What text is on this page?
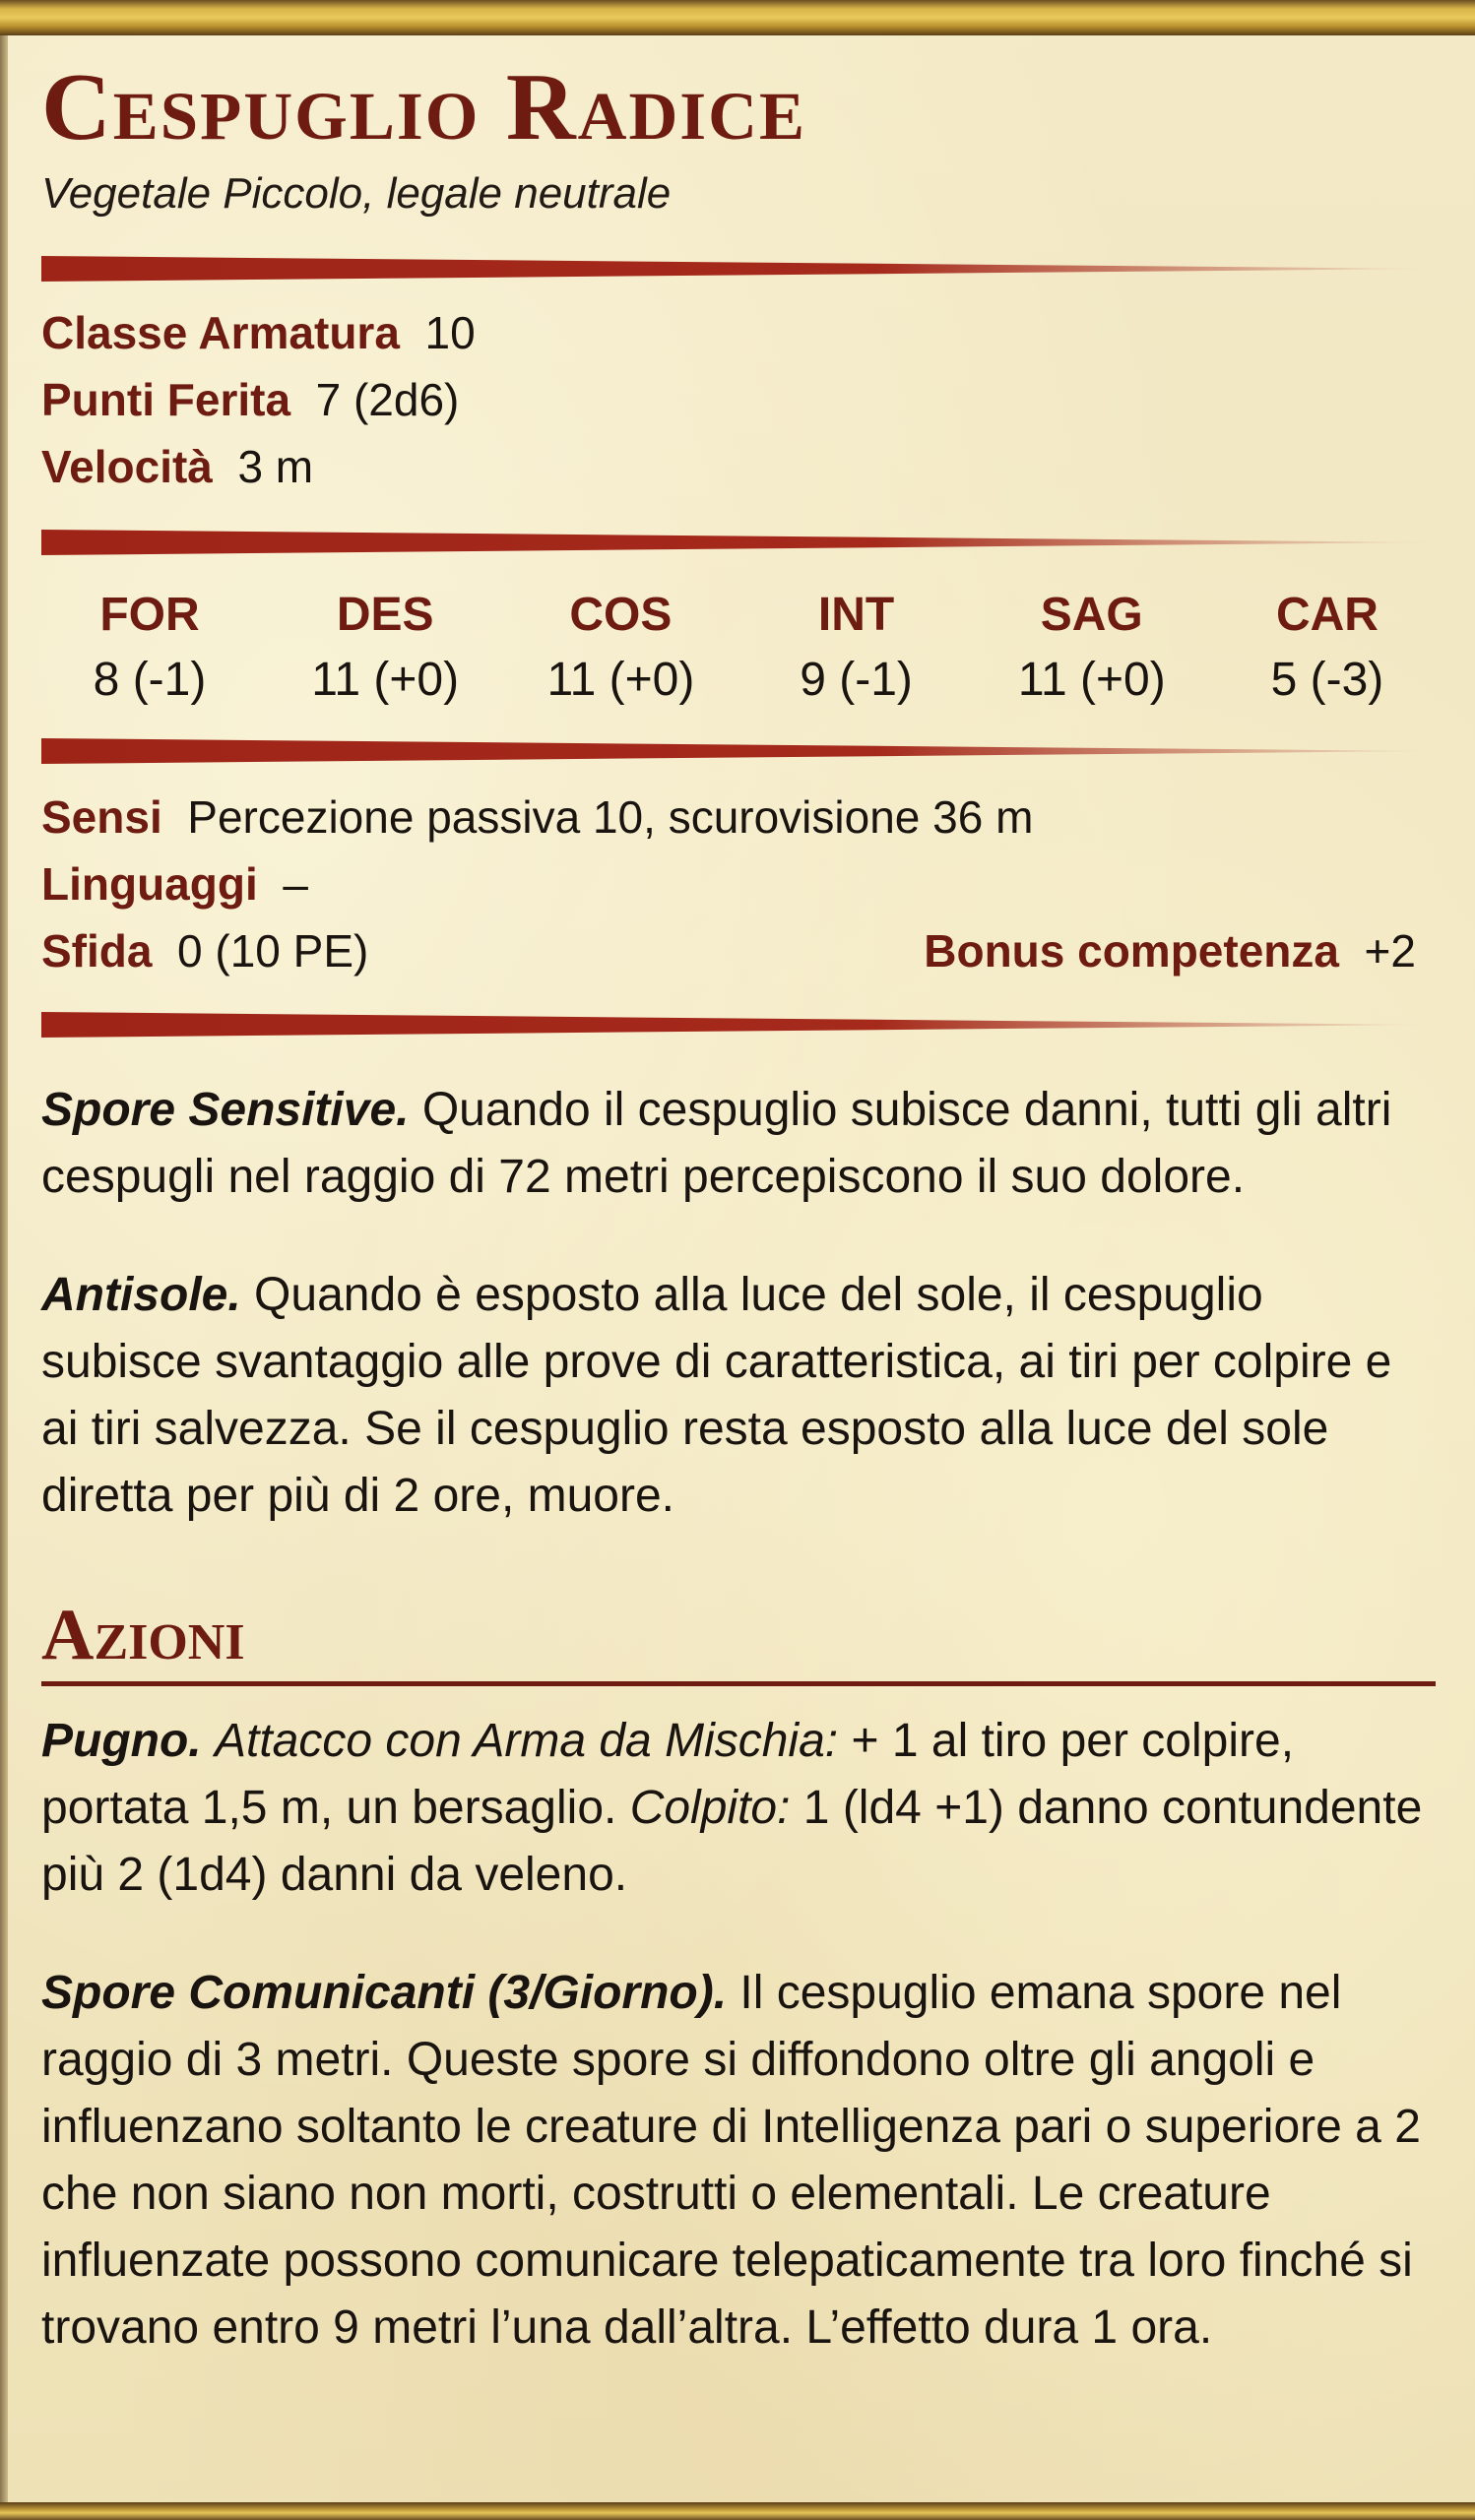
Cespuglio Radice
Vegetale Piccolo, legale neutrale
Classe Armatura 10
Punti Ferita 7 (2d6)
Velocità 3 m
FOR
8 (-1)
DES
11 (+0)
COS
11 (+0)
INT
9 (-1)
SAG
11 (+0)
CAR
5 (-3)
Sensi Percezione passiva 10, scurovisione 36 m
Linguaggi –
Sfida 0 (10 PE)	Bonus competenza +2

Spore Sensitive. Quando il cespuglio subisce danni, tutti gli altri cespugli nel raggio di 72 metri percepiscono il suo dolore.

Antisole. Quando è esposto alla luce del sole, il cespuglio subisce svantaggio alle prove di caratteristica, ai tiri per colpire e ai tiri salvezza. Se il cespuglio resta esposto alla luce del sole diretta per più di 2 ore, muore.

Azioni

Pugno. Attacco con Arma da Mischia: + 1 al tiro per colpire, portata 1,5 m, un bersaglio. Colpito: 1 (ld4 +1) danno contundente più 2 (1d4) danni da veleno.

Spore Comunicanti (3/Giorno). Il cespuglio emana spore nel raggio di 3 metri. Queste spore si diffondono oltre gli angoli e influenzano soltanto le creature di Intelligenza pari o superiore a 2 che non siano non morti, costrutti o elementali. Le creature influenzate possono comunicare telepaticamente tra loro finché si trovano entro 9 metri l’una dall’altra. L’effetto dura 1 ora.
